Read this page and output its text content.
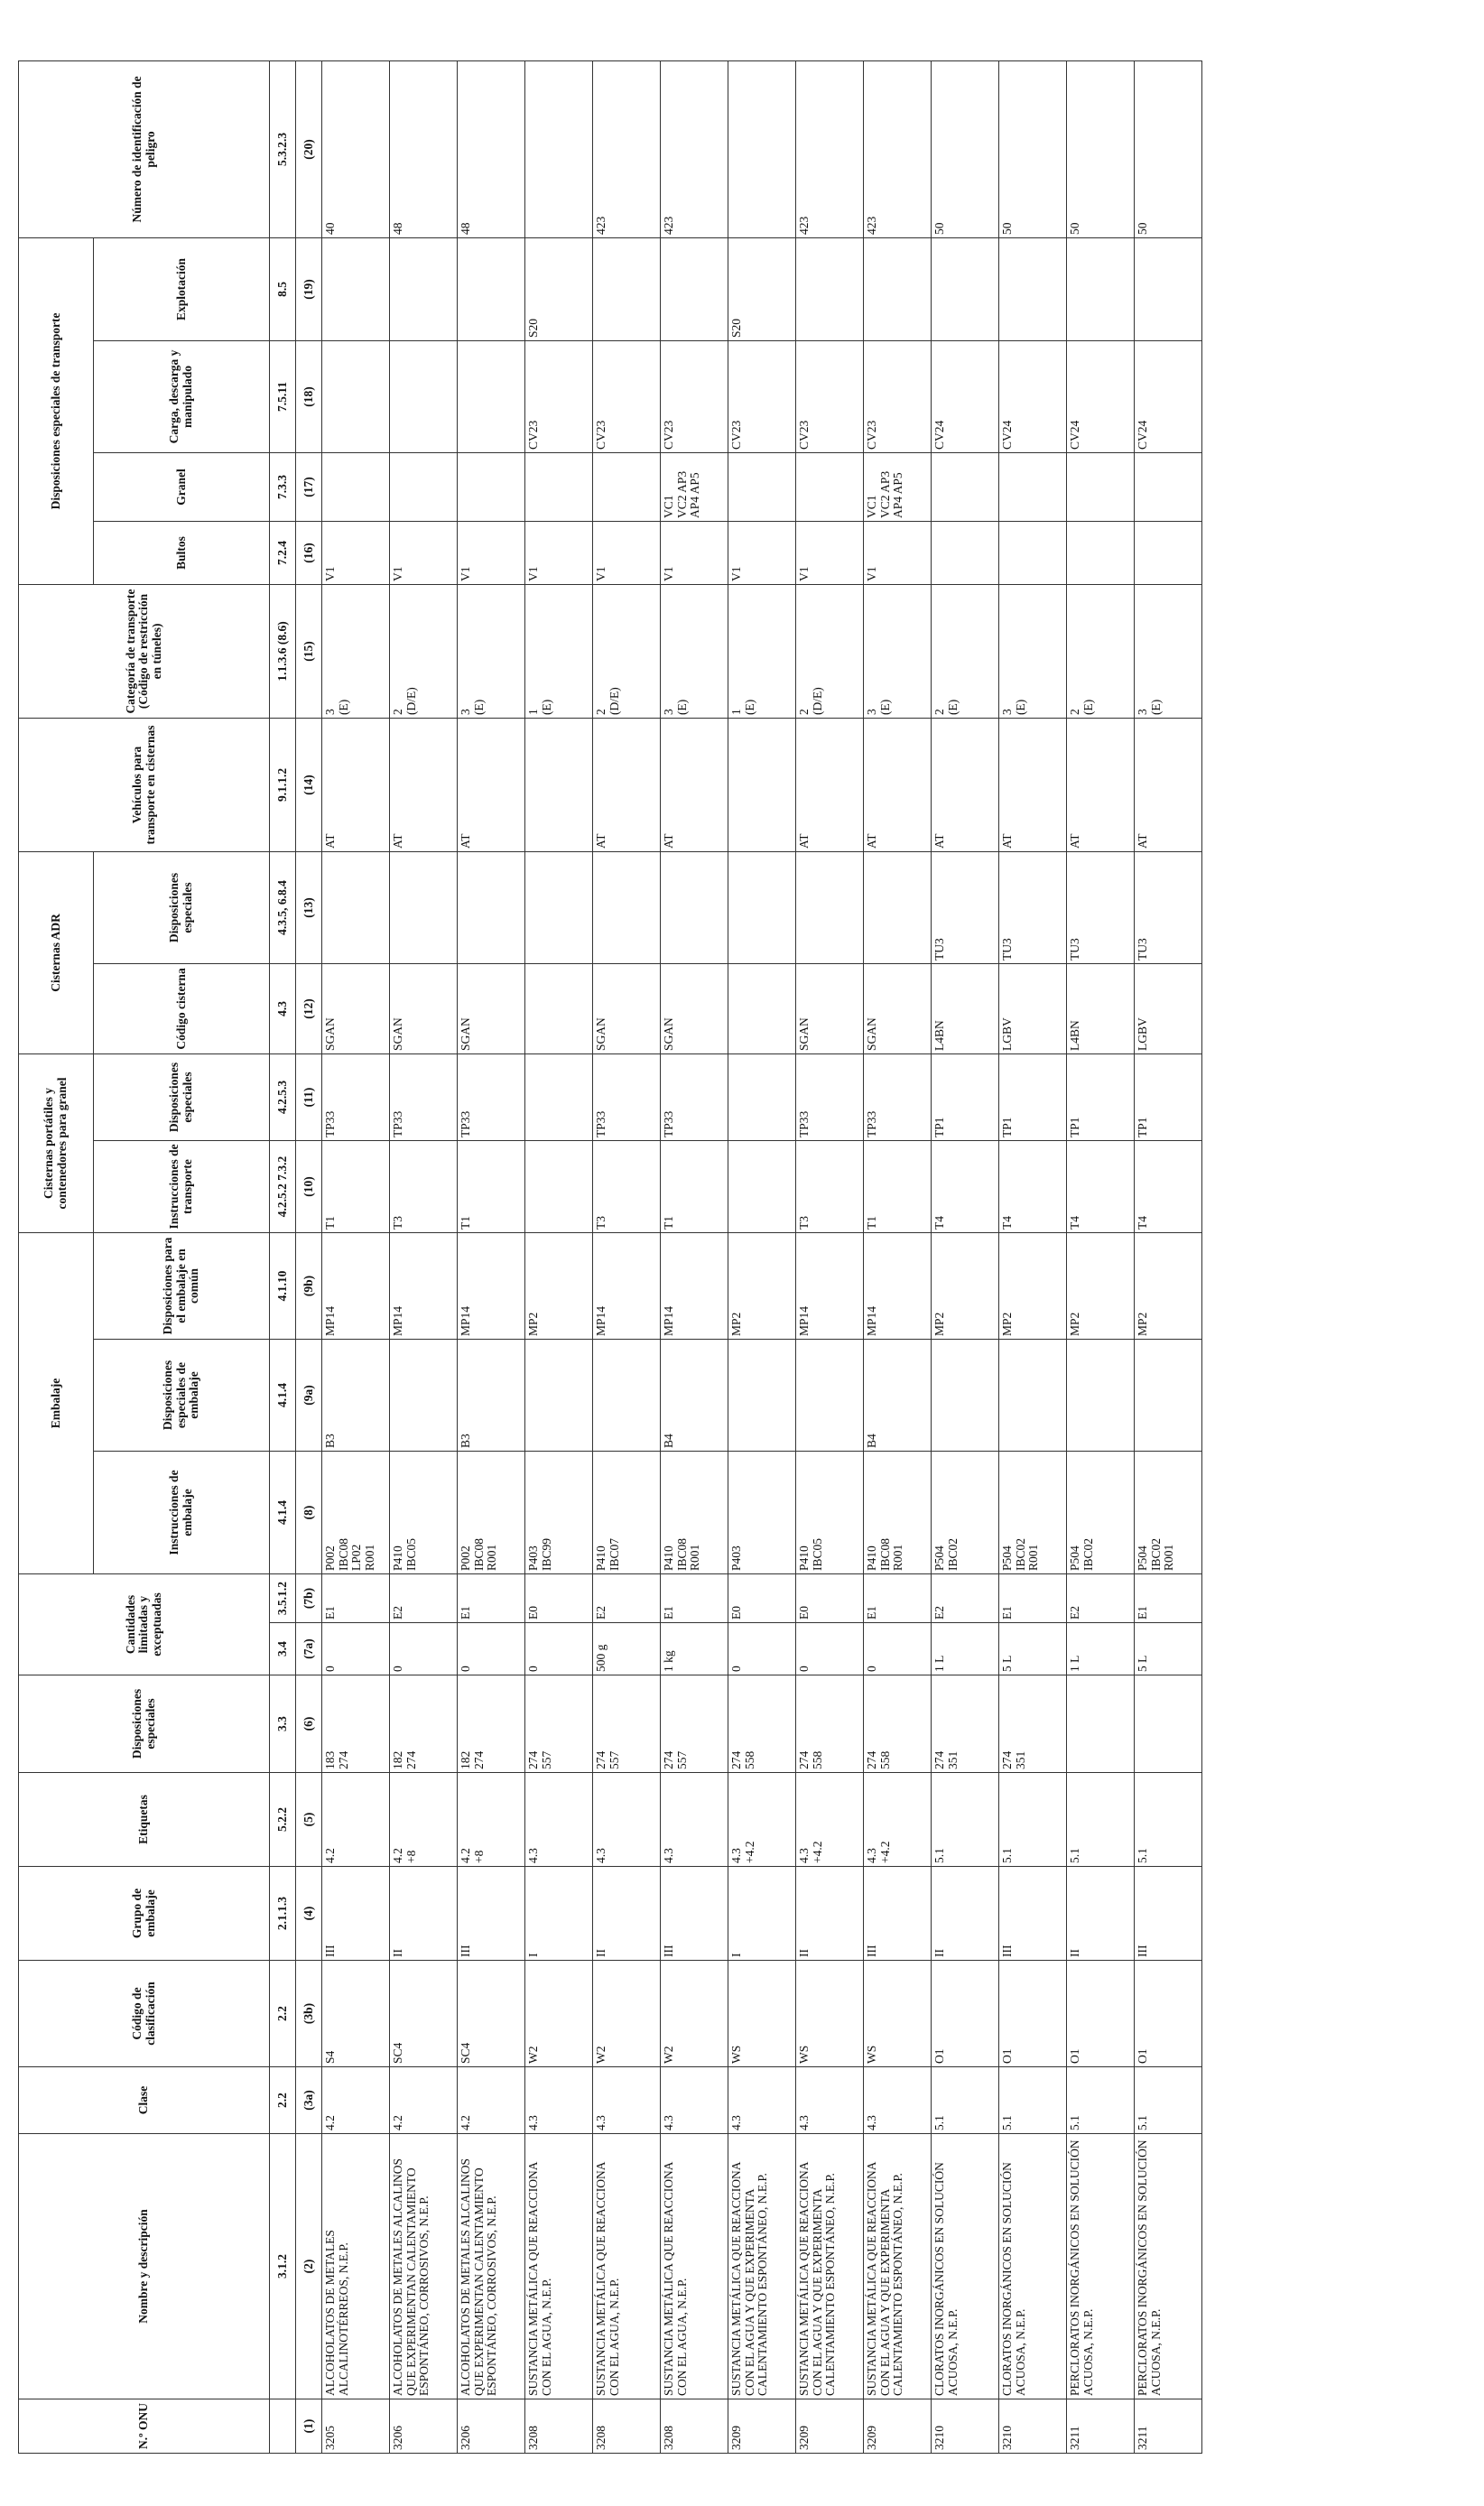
N.º ONU	Nombre y descripción	Clase	Código de clasificación	Grupo de embalaje	Etiquetas	Disposiciones especiales	Cantidades limitadas y exceptuadas		Embalaje			Cisternas portátiles y contenedores para granel		Cisternas ADR		Vehículos para transporte en cisternas	Categoría de transporte (Código de restricción en túneles)	Disposiciones especiales de transporte				Número de identificación de peligro
									Instrucciones de embalaje	Disposiciones especiales de embalaje	Disposiciones para el embalaje en común	Instrucciones de transporte	Disposiciones especiales	Código cisterna	Disposiciones especiales			Bultos	Granel	Carga, descarga y manipulado	Explotación	
	3.1.2	2.2	2.2	2.1.1.3	5.2.2	3.3	3.4	3.5.1.2	4.1.4	4.1.4	4.1.10	4.2.5.2 7.3.2	4.2.5.3	4.3	4.3.5, 6.8.4	9.1.1.2	1.1.3.6 (8.6)	7.2.4	7.3.3	7.5.11	8.5	5.3.2.3
(1)	(2)	(3a)	(3b)	(4)	(5)	(6)	(7a)	(7b)	(8)	(9a)	(9b)	(10)	(11)	(12)	(13)	(14)	(15)	(16)	(17)	(18)	(19)	(20)
3205	ALCOHOLATOS DE METALES ALCALINOTÉRREOS, N.E.P.	4.2	S4	III	4.2	183 274	0	E1	P002 IBC08 LP02 R001	B3	MP14	T1	TP33	SGAN		AT	3 (E)	V1				40
3206	ALCOHOLATOS DE METALES ALCALINOS QUE EXPERIMENTAN CALENTAMIENTO ESPONTÁNEO, CORROSIVOS, N.E.P.	4.2	SC4	II	4.2 +8	182 274	0	E2	P410 IBC05		MP14	T3	TP33	SGAN		AT	2 (D/E)	V1				48
3206	ALCOHOLATOS DE METALES ALCALINOS QUE EXPERIMENTAN CALENTAMIENTO ESPONTÁNEO, CORROSIVOS, N.E.P.	4.2	SC4	III	4.2 +8	182 274	0	E1	P002 IBC08 R001	B3	MP14	T1	TP33	SGAN		AT	3 (E)	V1				48
3208	SUSTANCIA METÁLICA QUE REACCIONA CON EL AGUA, N.E.P.	4.3	W2	I	4.3	274 557	0	E0	P403 IBC99		MP2						1 (E)	V1		CV23	S20	
3208	SUSTANCIA METÁLICA QUE REACCIONA CON EL AGUA, N.E.P.	4.3	W2	II	4.3	274 557	500 g	E2	P410 IBC07		MP14	T3	TP33	SGAN		AT	2 (D/E)	V1		CV23		423
3208	SUSTANCIA METÁLICA QUE REACCIONA CON EL AGUA, N.E.P.	4.3	W2	III	4.3	274 557	1 kg	E1	P410 IBC08 R001	B4	MP14	T1	TP33	SGAN		AT	3 (E)	V1	VC1 VC2 AP3 AP4 AP5	CV23		423
3209	SUSTANCIA METÁLICA QUE REACCIONA CON EL AGUA Y QUE EXPERIMENTA CALENTAMIENTO ESPONTÁNEO, N.E.P.	4.3	WS	I	4.3 +4.2	274 558	0	E0	P403		MP2						1 (E)	V1		CV23	S20	
3209	SUSTANCIA METÁLICA QUE REACCIONA CON EL AGUA Y QUE EXPERIMENTA CALENTAMIENTO ESPONTÁNEO, N.E.P.	4.3	WS	II	4.3 +4.2	274 558	0	E0	P410 IBC05		MP14	T3	TP33	SGAN		AT	2 (D/E)	V1		CV23		423
3209	SUSTANCIA METÁLICA QUE REACCIONA CON EL AGUA Y QUE EXPERIMENTA CALENTAMIENTO ESPONTÁNEO, N.E.P.	4.3	WS	III	4.3 +4.2	274 558	0	E1	P410 IBC08 R001	B4	MP14	T1	TP33	SGAN		AT	3 (E)	V1	VC1 VC2 AP3 AP4 AP5	CV23		423
3210	CLORATOS INORGÁNICOS EN SOLUCIÓN ACUOSA, N.E.P.	5.1	O1	II	5.1	274 351	1 L	E2	P504 IBC02		MP2	T4	TP1	L4BN	TU3	AT	2 (E)			CV24		50
3210	CLORATOS INORGÁNICOS EN SOLUCIÓN ACUOSA, N.E.P.	5.1	O1	III	5.1	274 351	5 L	E1	P504 IBC02 R001		MP2	T4	TP1	LGBV	TU3	AT	3 (E)			CV24		50
3211	PERCLORATOS INORGÁNICOS EN SOLUCIÓN ACUOSA, N.E.P.	5.1	O1	II	5.1		1 L	E2	P504 IBC02		MP2	T4	TP1	L4BN	TU3	AT	2 (E)			CV24		50
3211	PERCLORATOS INORGÁNICOS EN SOLUCIÓN ACUOSA, N.E.P.	5.1	O1	III	5.1		5 L	E1	P504 IBC02 R001		MP2	T4	TP1	LGBV	TU3	AT	3 (E)			CV24		50
